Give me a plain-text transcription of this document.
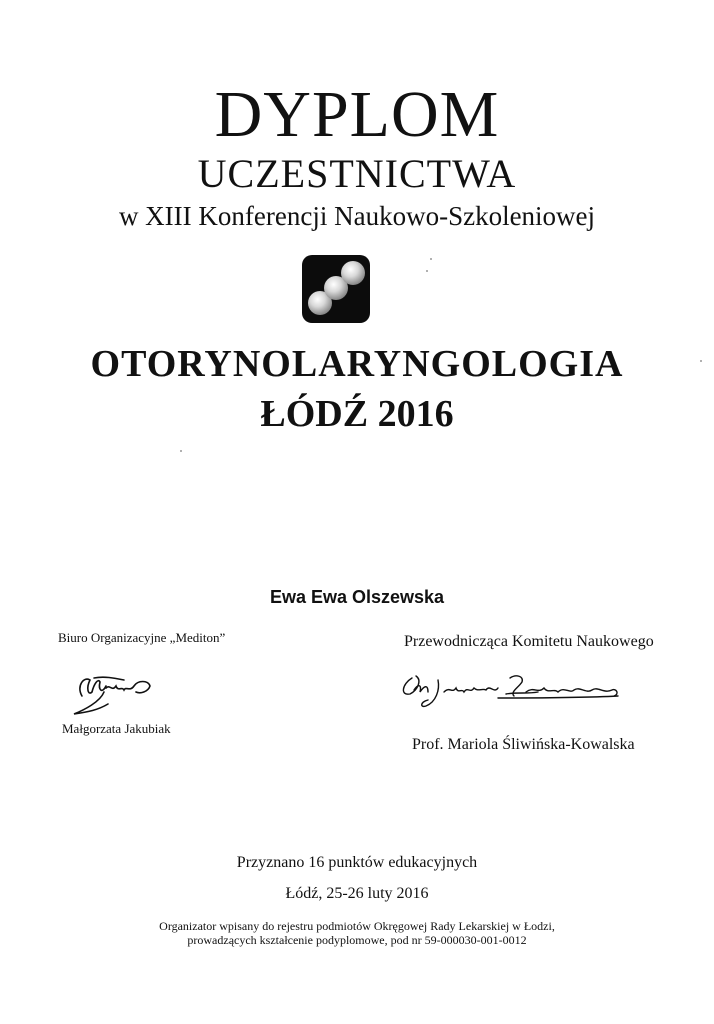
DYPLOM
UCZESTNICTWA
w XIII Konferencji Naukowo-Szkoleniowej
OTORYNOLARYNGOLOGIA
ŁÓDŹ 2016
Ewa Ewa Olszewska
Biuro Organizacyjne „Mediton”	Przewodnicząca Komitetu Naukowego
Małgorzata Jakubiak
Prof. Mariola Śliwińska-Kowalska
Przyznano 16 punktów edukacyjnych
Łódź, 25-26 luty 2016
Organizator wpisany do rejestru podmiotów Okręgowej Rady Lekarskiej w Łodzi,
prowadzących kształcenie podyplomowe, pod nr 59-000030-001-0012
